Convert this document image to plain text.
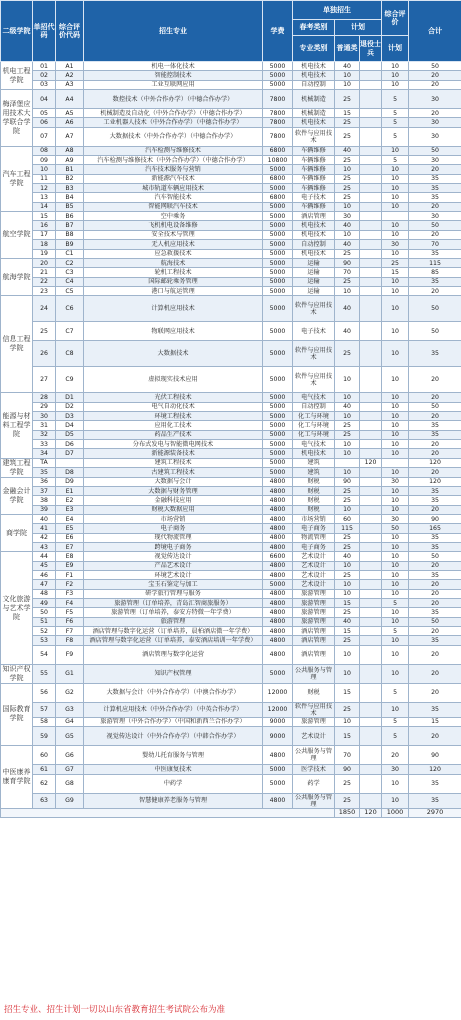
二级学院	单招代码	综合评价代码	招生专业	学费	单独招生			综合评价	合计
					春考类别	计划			
					专业类别	普通类	退役士兵	计划	
机电工程学院	01	A1	机电一体化技术	5000	机电技术	40		10	50
	02	A2	智能控制技术	5000	机电技术	10		10	20
	03	A3	工业互联网应用	5000	自动控制	10		10	20
梅泽堡应用技术大学联合学院	04	A4	数控技术（中外合作办学）（中德合作办学）	7800	机械制造	25		5	30
	05	A5	机械制造及自动化（中外合作办学）（中德合作办学）	7800	机械制造	15		5	20
	06	A6	工业机器人技术（中外合作办学）（中德合作办学）	7800	机电技术	25		5	30
	07	A7	大数据技术（中外合作办学）（中德合作办学）	7800	软件与应用技术	25		5	30
汽车工程学院	08	A8	汽车检测与维修技术	6800	车辆维修	40		10	50
	09	A9	汽车检测与维修技术（中外合作办学）（中德合作办学）	10800	车辆维修	25		5	30
	10	B1	汽车技术服务与营销	5000	车辆维修	10		10	20
	11	B2	新能源汽车技术	6800	车辆维修	25		10	35
	12	B3	城市轨道车辆应用技术	5000	车辆维修	25		10	35
	13	B4	汽车智能技术	6800	电子技术	25		10	35
	14	B5	智能网联汽车技术	5000	车辆维修	10		10	20
航空学院	15	B6	空中乘务	5000	酒店管理	30			30
	16	B7	飞机机电设备维修	5000	机电技术	40		10	50
	17	B8	安全技术与管理	5000	机电技术	10		10	20
	18	B9	无人机应用技术	5000	自动控制	40		30	70
	19	C1	应急救援技术	5000	机电技术	25		10	35
航海学院	20	C2	航海技术	5000	运输	90		25	115
	21	C3	轮机工程技术	5000	运输	70		15	85
	22	C4	国际邮轮乘务管理	5000	运输	25		10	35
	23	C5	港口与航运管理	5000	运输	10		10	20
信息工程学院	24	C6	计算机应用技术	5000	软件与应用技术	40		10	50
	25	C7	物联网应用技术	5000	电子技术	40		10	50
	26	C8	大数据技术	5000	软件与应用技术	25		10	35
	27	C9	虚拟现实技术应用	5000	软件与应用技术	10		10	20
能源与材料工程学院	28	D1	光伏工程技术	5000	电气技术	10		10	20
	29	D2	电气自动化技术	5000	自动控制	40		10	50
	30	D3	环境工程技术	5000	化工与环境	10		10	20
	31	D4	应用化工技术	5000	化工与环境	25		10	35
	32	D5	药品生产技术	5000	化工与环境	25		10	35
	33	D6	分布式发电与智能微电网技术	5000	电气技术	10		10	20
	34	D7	新能源装备技术	5000	机电技术	10		10	20
建筑工程学院	TA		建筑工程技术	5000	建筑		120		120
	35	D8	古建筑工程技术	5000	建筑	10		10	20
金融会计学院	36	D9	大数据与会计	4800	财税	90		30	120
	37	E1	大数据与财务管理	4800	财税	25		10	35
	38	E2	金融科技应用	4800	财税	25		10	35
	39	E3	财税大数据应用	4800	财税	10		10	20
商学院	40	E4	市场营销	4800	市场营销	60		30	90
	41	E5	电子商务	4800	电子商务	115		50	165
	42	E6	现代物流管理	4800	物流管理	25		10	35
	43	E7	跨境电子商务	4800	电子商务	25		10	35
文化旅游与艺术学院	44	E8	视觉传达设计	6600	艺术设计	40		10	50
	45	E9	产品艺术设计	4800	艺术设计	10		10	20
	46	F1	环境艺术设计	4800	艺术设计	25		10	35
	47	F2	宝玉石鉴定与加工	5000	艺术设计	10		10	20
	48	F3	研学旅行管理与服务	4800	旅游管理	10		10	20
	49	F4	旅游管理（订单培养，青岛汇智商旅服务）	4800	旅游管理	15		5	20
	50	F5	旅游管理（订单培养，泰安方特微一年学费）	4800	旅游管理	25		10	35
	51	F6	旅游管理	4800	旅游管理	40		10	50
	52	F7	酒店管理与数字化运营（订单培养，晨柏酒店微一年学费）	4800	酒店管理	15		5	20
	53	F8	酒店管理与数字化运营（订单培养，泰安酒店培训一年学费）	4800	酒店管理	25		10	35
	54	F9	酒店管理与数字化运营	4800	酒店管理	10		10	20
知识产权学院	55	G1	知识产权管理	5000	公共服务与管理	10		10	20
国际教育学院	56	G2	大数据与会计（中外合作办学）（中澳合作办学）	12000	财税	15		5	20
	57	G3	计算机应用技术（中外合作办学）（中英合作办学）	12000	软件与应用技术	25		10	35
	58	G4	旅游管理（中外合作办学）（中国和新西兰合作办学）	9000	旅游管理	10		5	15
	59	G5	视觉传达设计（中外合作办学）（中韩合作办学）	9000	艺术设计	15		5	20
中医康养康育学院	60	G6	婴幼儿托育服务与管理	4800	公共服务与管理	70		20	90
	61	G7	中医康复技术	5000	医学技术	90		30	120
	62	G8	中药学	5000	药学	25		10	35
	63	G9	智慧健康养老服务与管理	4800	公共服务与管理	25		10	35
						1850	120	1000	2970
招生专业、招生计划一切以山东省教育招生考试院公布为准
